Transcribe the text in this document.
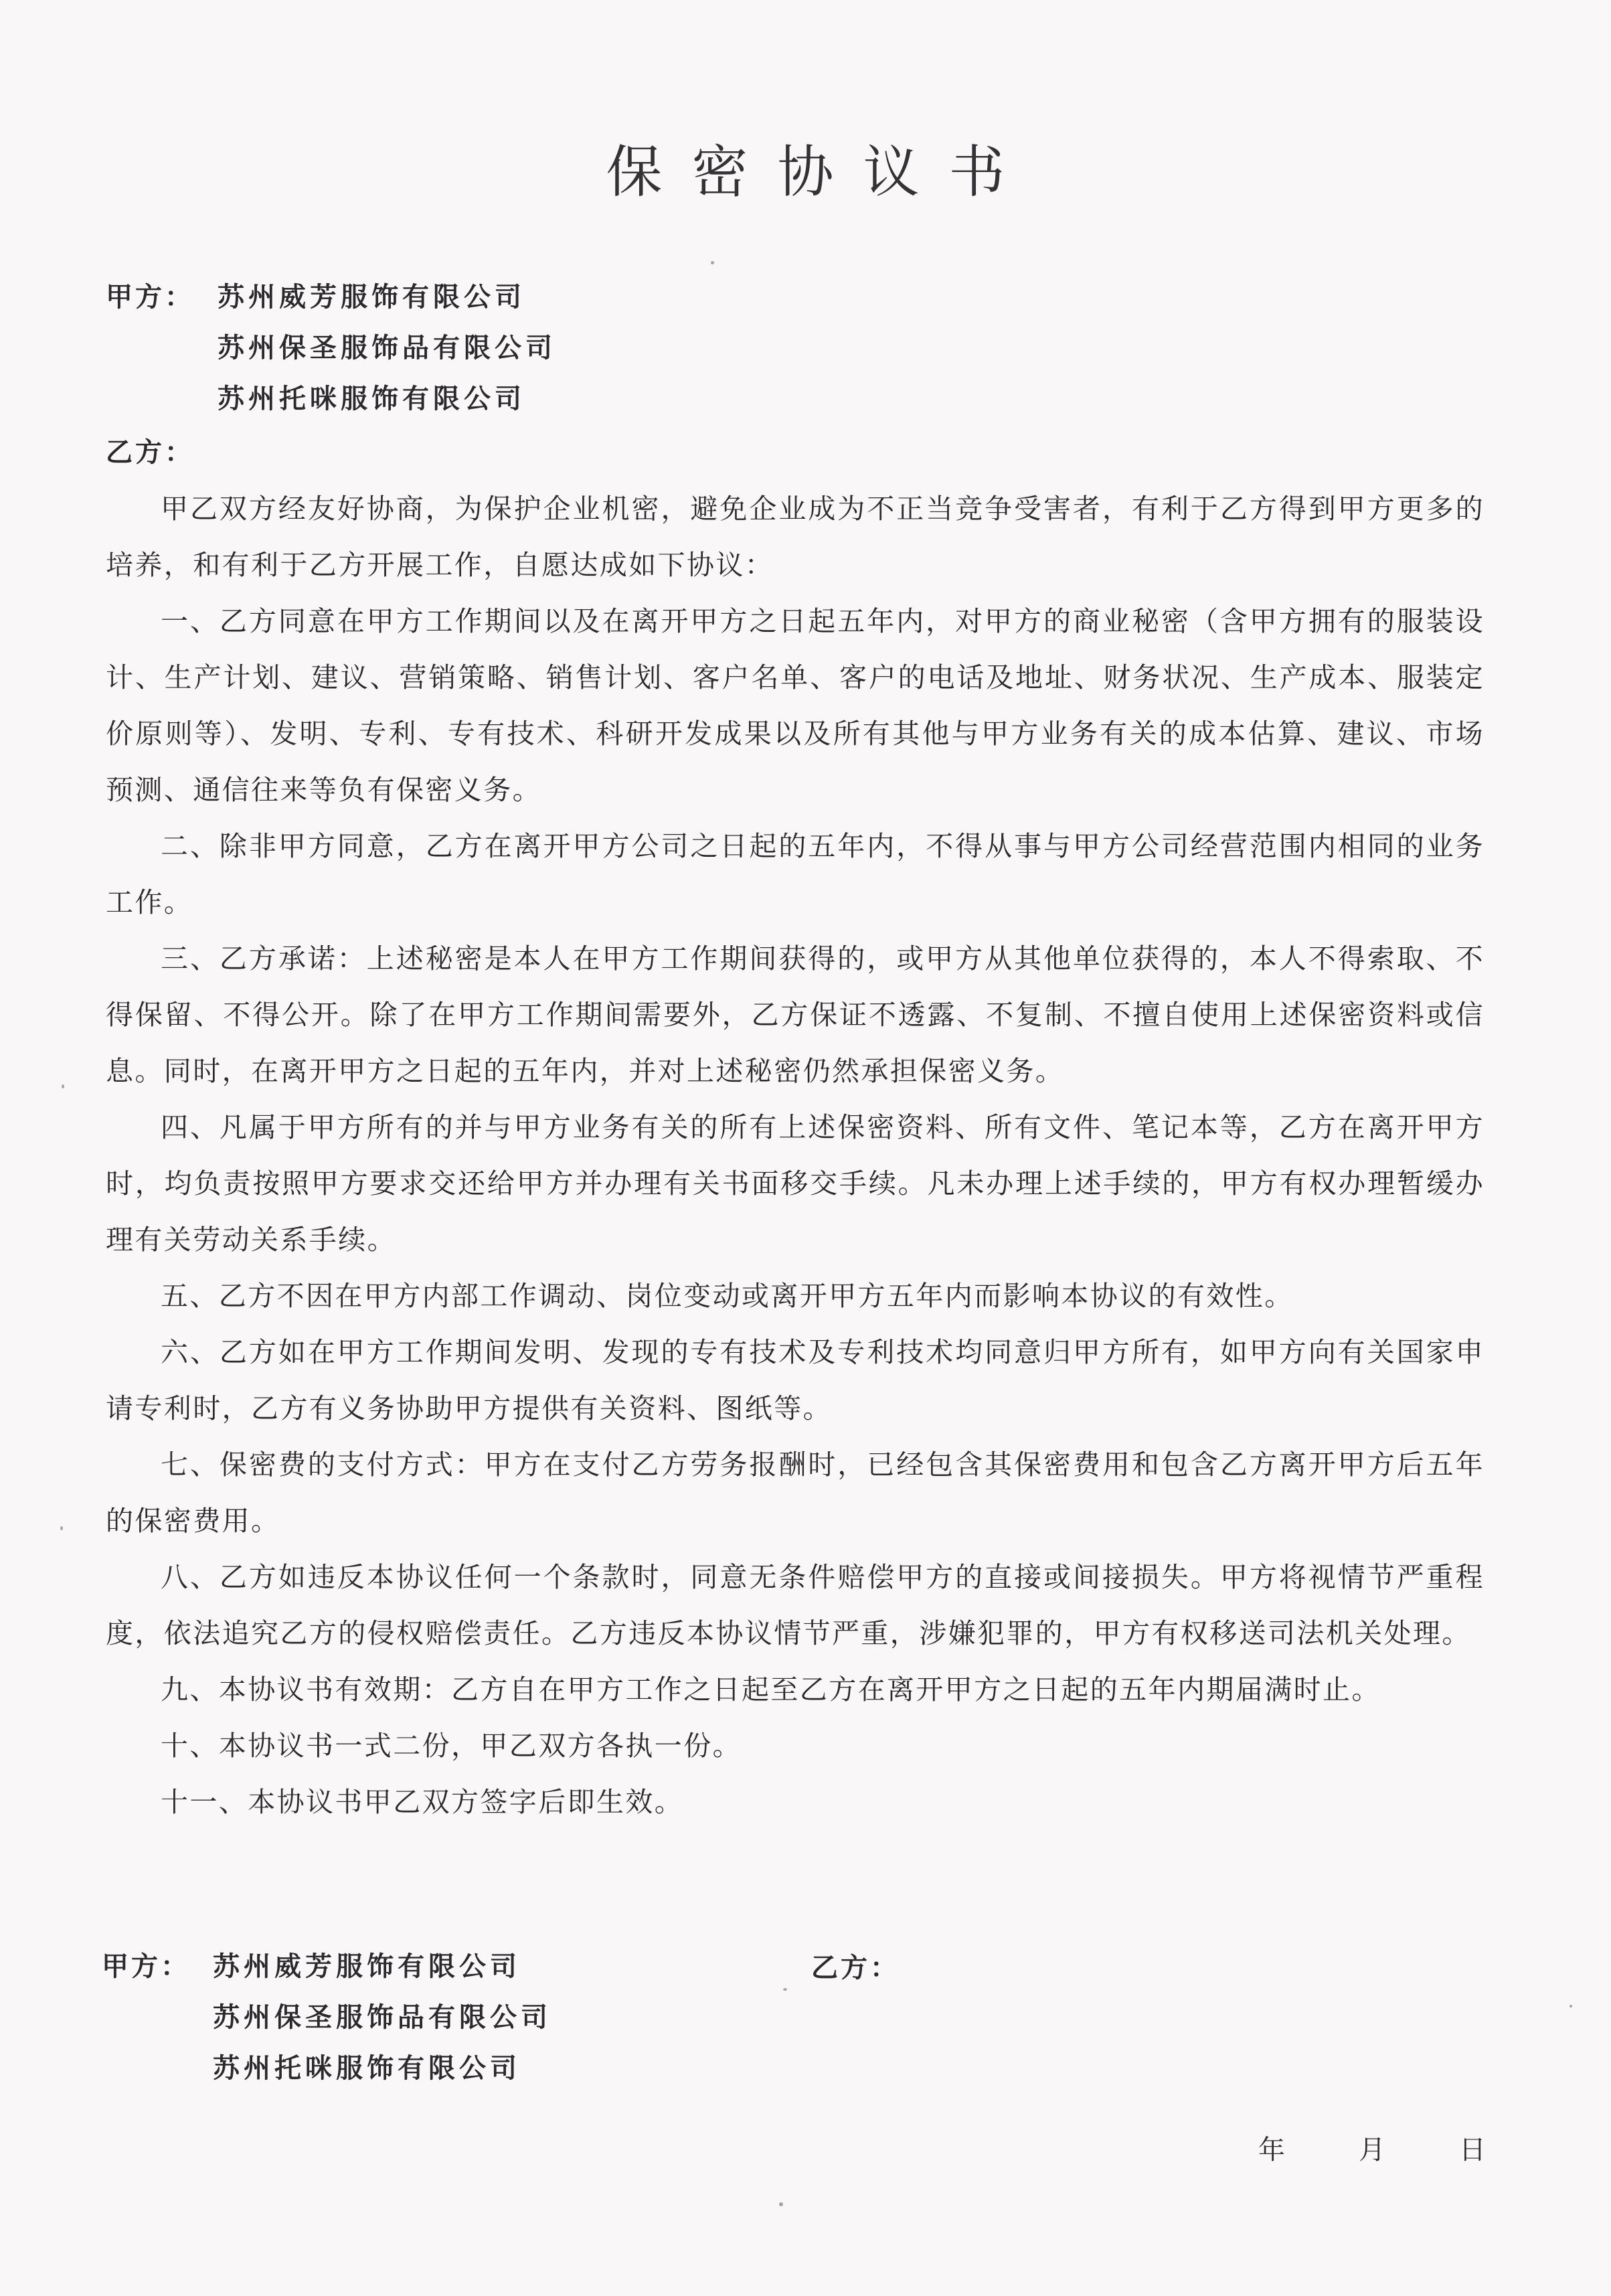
保密协议书
甲方： 苏州威芳服饰有限公司
苏州保圣服饰品有限公司
苏州托咪服饰有限公司
乙方：

甲乙双方经友好协商，为保护企业机密，避免企业成为不正当竞争受害者，有利于乙方得到甲方更多的培养，和有利于乙方开展工作，自愿达成如下协议：

一、乙方同意在甲方工作期间以及在离开甲方之日起五年内，对甲方的商业秘密（含甲方拥有的服装设计、生产计划、建议、营销策略、销售计划、客户名单、客户的电话及地址、财务状况、生产成本、服装定价原则等）、发明、专利、专有技术、科研开发成果以及所有其他与甲方业务有关的成本估算、建议、市场预测、通信往来等负有保密义务。

二、除非甲方同意，乙方在离开甲方公司之日起的五年内，不得从事与甲方公司经营范围内相同的业务工作。

三、乙方承诺：上述秘密是本人在甲方工作期间获得的，或甲方从其他单位获得的，本人不得索取、不得保留、不得公开。除了在甲方工作期间需要外，乙方保证不透露、不复制、不擅自使用上述保密资料或信息。同时，在离开甲方之日起的五年内，并对上述秘密仍然承担保密义务。

四、凡属于甲方所有的并与甲方业务有关的所有上述保密资料、所有文件、笔记本等，乙方在离开甲方时，均负责按照甲方要求交还给甲方并办理有关书面移交手续。凡未办理上述手续的，甲方有权办理暂缓办理有关劳动关系手续。

五、乙方不因在甲方内部工作调动、岗位变动或离开甲方五年内而影响本协议的有效性。

六、乙方如在甲方工作期间发明、发现的专有技术及专利技术均同意归甲方所有，如甲方向有关国家申请专利时，乙方有义务协助甲方提供有关资料、图纸等。

七、保密费的支付方式：甲方在支付乙方劳务报酬时，已经包含其保密费用和包含乙方离开甲方后五年的保密费用。

八、乙方如违反本协议任何一个条款时，同意无条件赔偿甲方的直接或间接损失。甲方将视情节严重程度，依法追究乙方的侵权赔偿责任。乙方违反本协议情节严重，涉嫌犯罪的，甲方有权移送司法机关处理。

九、本协议书有效期：乙方自在甲方工作之日起至乙方在离开甲方之日起的五年内期届满时止。

十、本协议书一式二份，甲乙双方各执一份。

十一、本协议书甲乙双方签字后即生效。

甲方： 苏州威芳服饰有限公司
苏州保圣服饰品有限公司
苏州托咪服饰有限公司
乙方：
年	月	日
